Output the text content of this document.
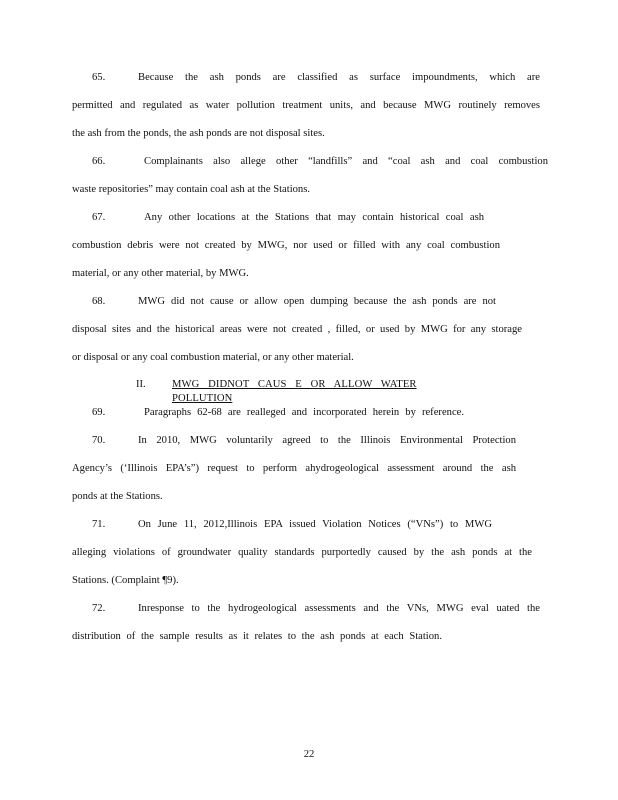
65.	Because the ash ponds are classified as surface impoundments, which are
permitted and regulated as water pollution treatment units, and because MWG routinely removes
the ash from the ponds, the ash ponds are not disposal sites.
66.	Complainants also allege other “landfills” and “coal ash and coal combustion
waste repositories” may contain coal ash at the Stations.
67.	Any other locations at the Stations that may contain historical coal ash
combustion debris were not created by MWG, nor used or filled with any coal combustion
material, or any other material, by MWG.
68.	MWG did not cause or allow open dumping because the ash ponds are not
disposal sites and the historical areas were not created , filled, or used by MWG for any storage
or disposal or any coal combustion material, or any other material.
II. MWG DIDNOT CAUS E OR ALLOW WATER POLLUTION
69.	Paragraphs 62-68 are realleged and incorporated herein by reference.
70.	In 2010, MWG voluntarily agreed to the Illinois Environmental Protection
Agency’s (‘Illinois EPA’s”) request to perform ahydrogeological assessment around the ash
ponds at the Stations.
71.	On June 11, 2012,Illinois EPA issued Violation Notices (“VNs”) to MWG
alleging violations of groundwater quality standards purportedly caused by the ash ponds at the
Stations. (Complaint ¶9).
72.	Inresponse to the hydrogeological assessments and the VNs, MWG eval uated the
distribution of the sample results as it relates to the ash ponds at each Station.
22
